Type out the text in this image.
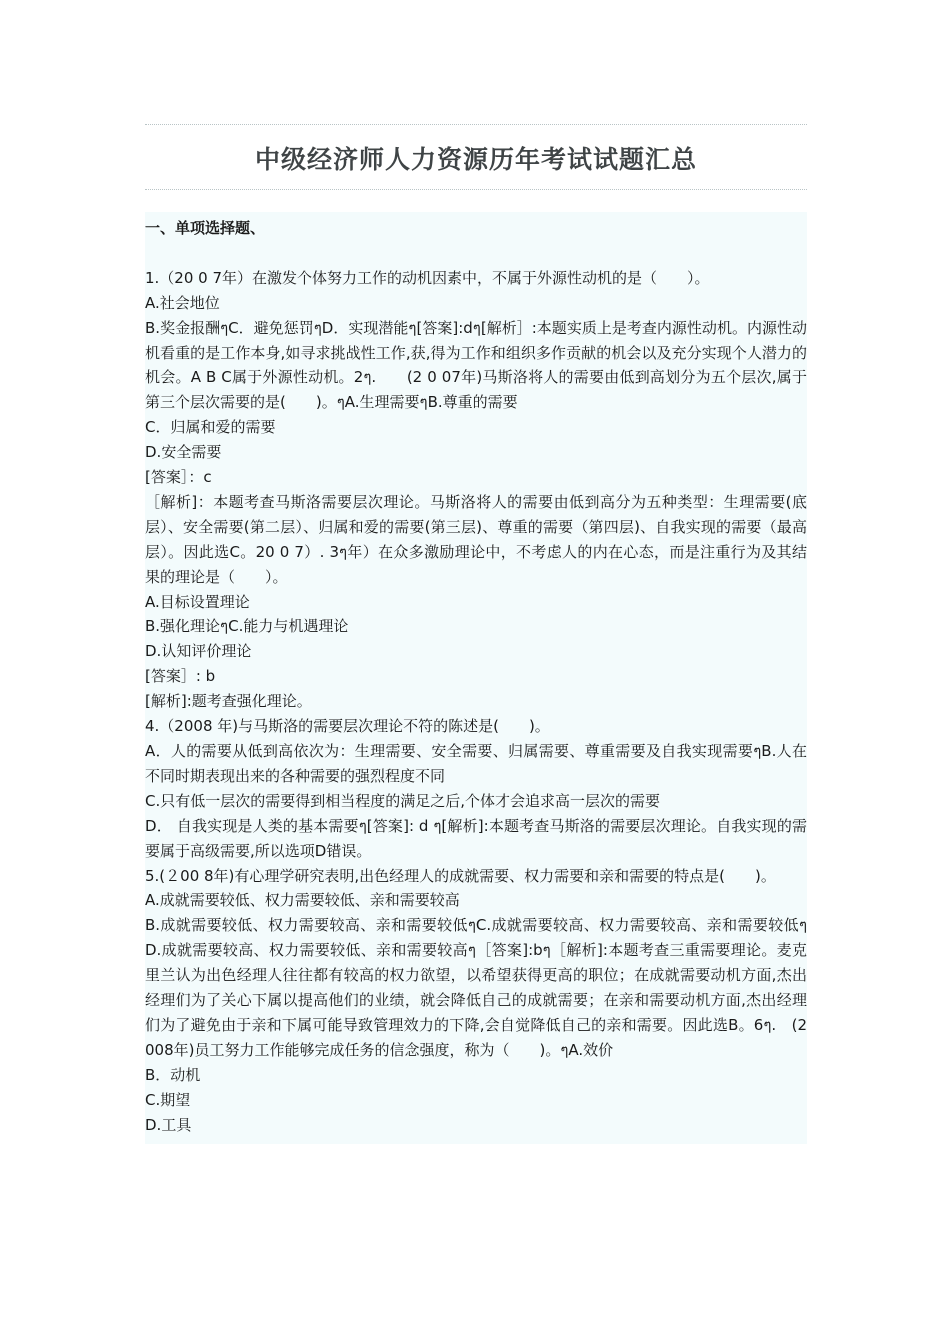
中级经济师人力资源历年考试试题汇总

一、单项选择题、

1.（20 0 7年）在激发个体努力工作的动机因素中，不属于外源性动机的是（　　）。

A.社会地位

B.奖金报酬ๆC．避免惩罚ๆD．实现潜能ๆ[答案]:dๆ[解析］:本题实质上是考查内源性动机。内源性动机看重的是工作本身,如寻求挑战性工作,获,得为工作和组织多作贡献的机会以及充分实现个人潜力的机会。A B C属于外源性动机。2ๆ.　　(2 0 07年)马斯洛将人的需要由低到高划分为五个层次,属于第三个层次需要的是(　　)。ๆA.生理需要ๆB.尊重的需要

C．归属和爱的需要

D.安全需要

[答案］：c

［解析]：本题考查马斯洛需要层次理论。马斯洛将人的需要由低到高分为五种类型：生理需要(底层）、安全需要(第二层）、归属和爱的需要(第三层)、尊重的需要（第四层)、自我实现的需要（最高层）。因此选C。20 0 7）. 3ๆ年）在众多激励理论中，不考虑人的内在心态，而是注重行为及其结果的理论是（　　）。

A.目标设置理论

B.强化理论ๆC.能力与机遇理论

D.认知评价理论

[答案］: b

[解析]:题考查强化理论。

4.（2008 年)与马斯洛的需要层次理论不符的陈述是(　　)。

A．人的需要从低到高依次为：生理需要、安全需要、归属需要、尊重需要及自我实现需要ๆB.人在不同时期表现出来的各种需要的强烈程度不同

C.只有低一层次的需要得到相当程度的满足之后,个体才会追求高一层次的需要

D． 自我实现是人类的基本需要ๆ[答案]: d ๆ[解析]:本题考查马斯洛的需要层次理论。自我实现的需要属于高级需要,所以选项D错误。

5.(２00 8年)有心理学研究表明,出色经理人的成就需要、权力需要和亲和需要的特点是(　　)。

A.成就需要较低、权力需要较低、亲和需要较高

B.成就需要较低、权力需要较高、亲和需要较低ๆC.成就需要较高、权力需要较高、亲和需要较低ๆD.成就需要较高、权力需要较低、亲和需要较高ๆ［答案]:bๆ［解析]:本题考查三重需要理论。麦克里兰认为出色经理人往往都有较高的权力欲望，以希望获得更高的职位；在成就需要动机方面,杰出经理们为了关心下属以提高他们的业绩，就会降低自己的成就需要；在亲和需要动机方面,杰出经理们为了避免由于亲和下属可能导致管理效力的下降,会自觉降低自己的亲和需要。因此选B。6ๆ.　(2008年)员工努力工作能够完成任务的信念强度，称为（　　)。ๆA.效价

B．动机

C.期望

D.工具
